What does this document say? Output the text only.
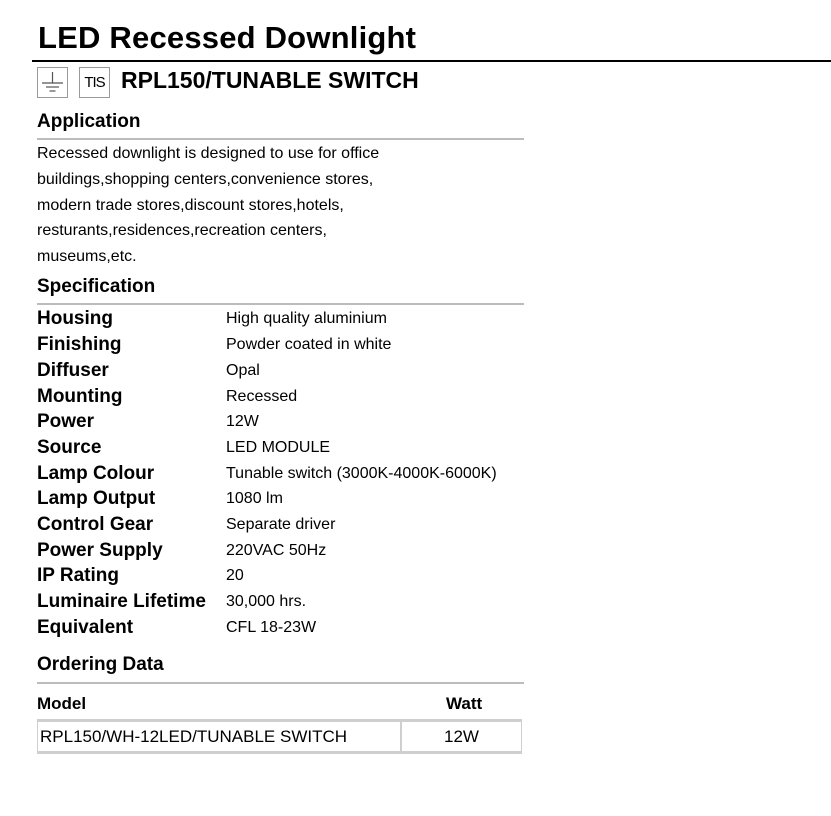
LED Recessed Downlight
TIS RPL150/TUNABLE SWITCH
Application
Recessed downlight is designed to use for office
buildings,shopping centers,convenience stores,
modern trade stores,discount stores,hotels,
resturants,residences,recreation centers,
museums,etc.
Specification
Housing	High quality aluminium
Finishing	Powder coated in white
Diffuser	Opal
Mounting	Recessed
Power	12W
Source	LED MODULE
Lamp Colour	Tunable switch (3000K-4000K-6000K)
Lamp Output	1080 lm
Control Gear	Separate driver
Power Supply	220VAC 50Hz
IP Rating	20
Luminaire Lifetime 30,000 hrs.
Equivalent	CFL 18-23W
Ordering Data
Model	Watt
RPL150/WH-12LED/TUNABLE SWITCH	12W
